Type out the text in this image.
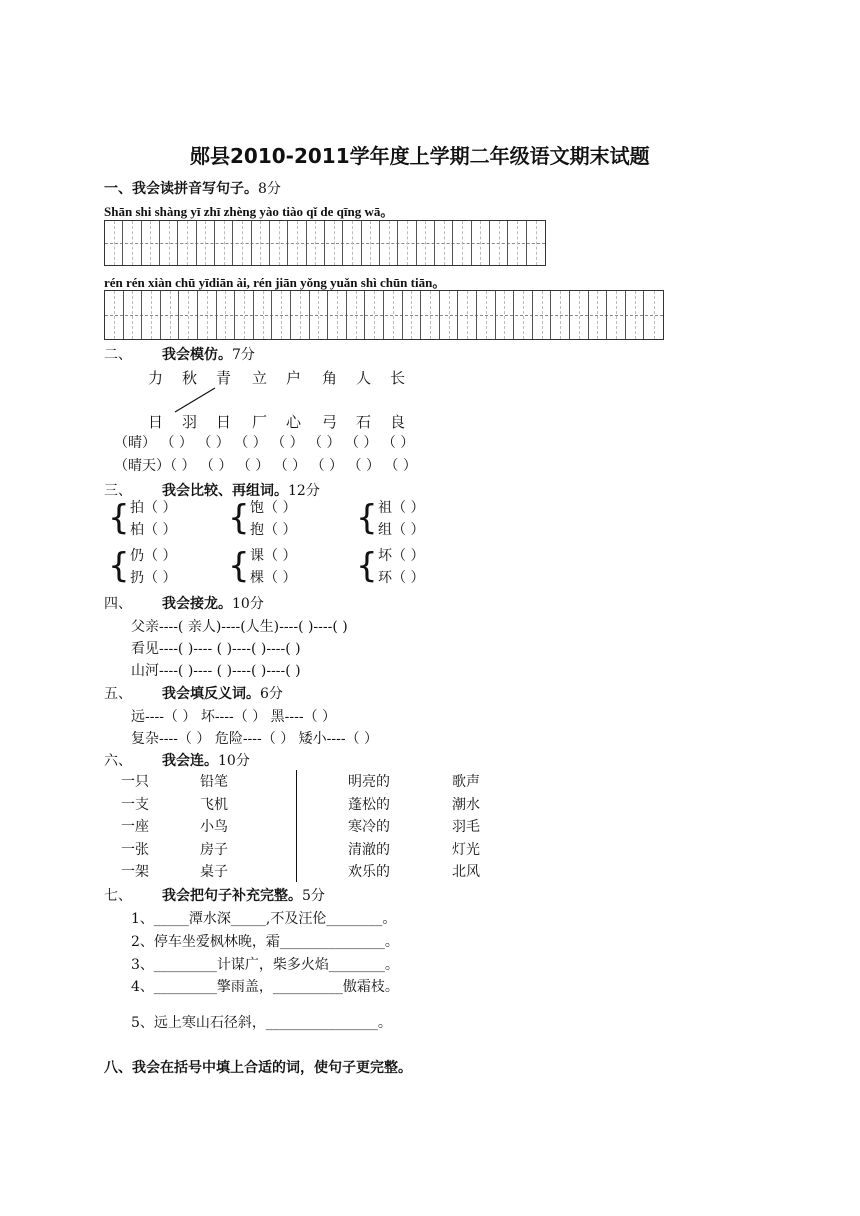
郧县2010-2011学年度上学期二年级语文期末试题
一、我会读拼音写句子。8分
Shān shi shàng yī zhī zhèng yào tiào qǐ de qīng wā。
rén rén xiàn chū yīdiān ài, rén jiān yǒng yuǎn shì chūn tiān。
二、 我会模仿。7分
力 秋 青 立 户 角 人 长
日 羽 日 厂 心 弓 石 良
（晴） （ ） （ ） （ ） （ ） （ ） （ ） （ ）
（晴天）（ ） （ ） （ ） （ ） （ ） （ ） （ ）
三、 我会比较、再组词。12分
{ 拍（ ）
柏（ ） { 饱（ ）
抱（ ） { 祖（ ）
组（ ）
{ 仍（ ）
扔（ ） { 课（ ）
棵（ ） { 坏（ ）
环（ ）
四、 我会接龙。10分
父亲----( 亲人)----(人生)----( )----( )
看见----( )---- ( )----( )----( )
山河----( )---- ( )----( )----( )
五、 我会填反义词。6分
远----（ ） 坏----（ ） 黑----（ ）
复杂----（ ） 危险----（ ） 矮小----（ ）
六、 我会连。10分
一只
一支
一座
一张
一架
铅笔
飞机
小鸟
房子
桌子
明亮的
蓬松的
寒冷的
清澈的
欢乐的
歌声
潮水
羽毛
灯光
北风
七、 我会把句子补充完整。5分
1、_____潭水深_____,不及汪伦________。
2、停车坐爱枫林晚，霜_______________。
3、_________计谋广，柴多火焰________。
4、_________擎雨盖，__________傲霜枝。
5、远上寒山石径斜，________________。
八、我会在括号中填上合适的词，使句子更完整。
